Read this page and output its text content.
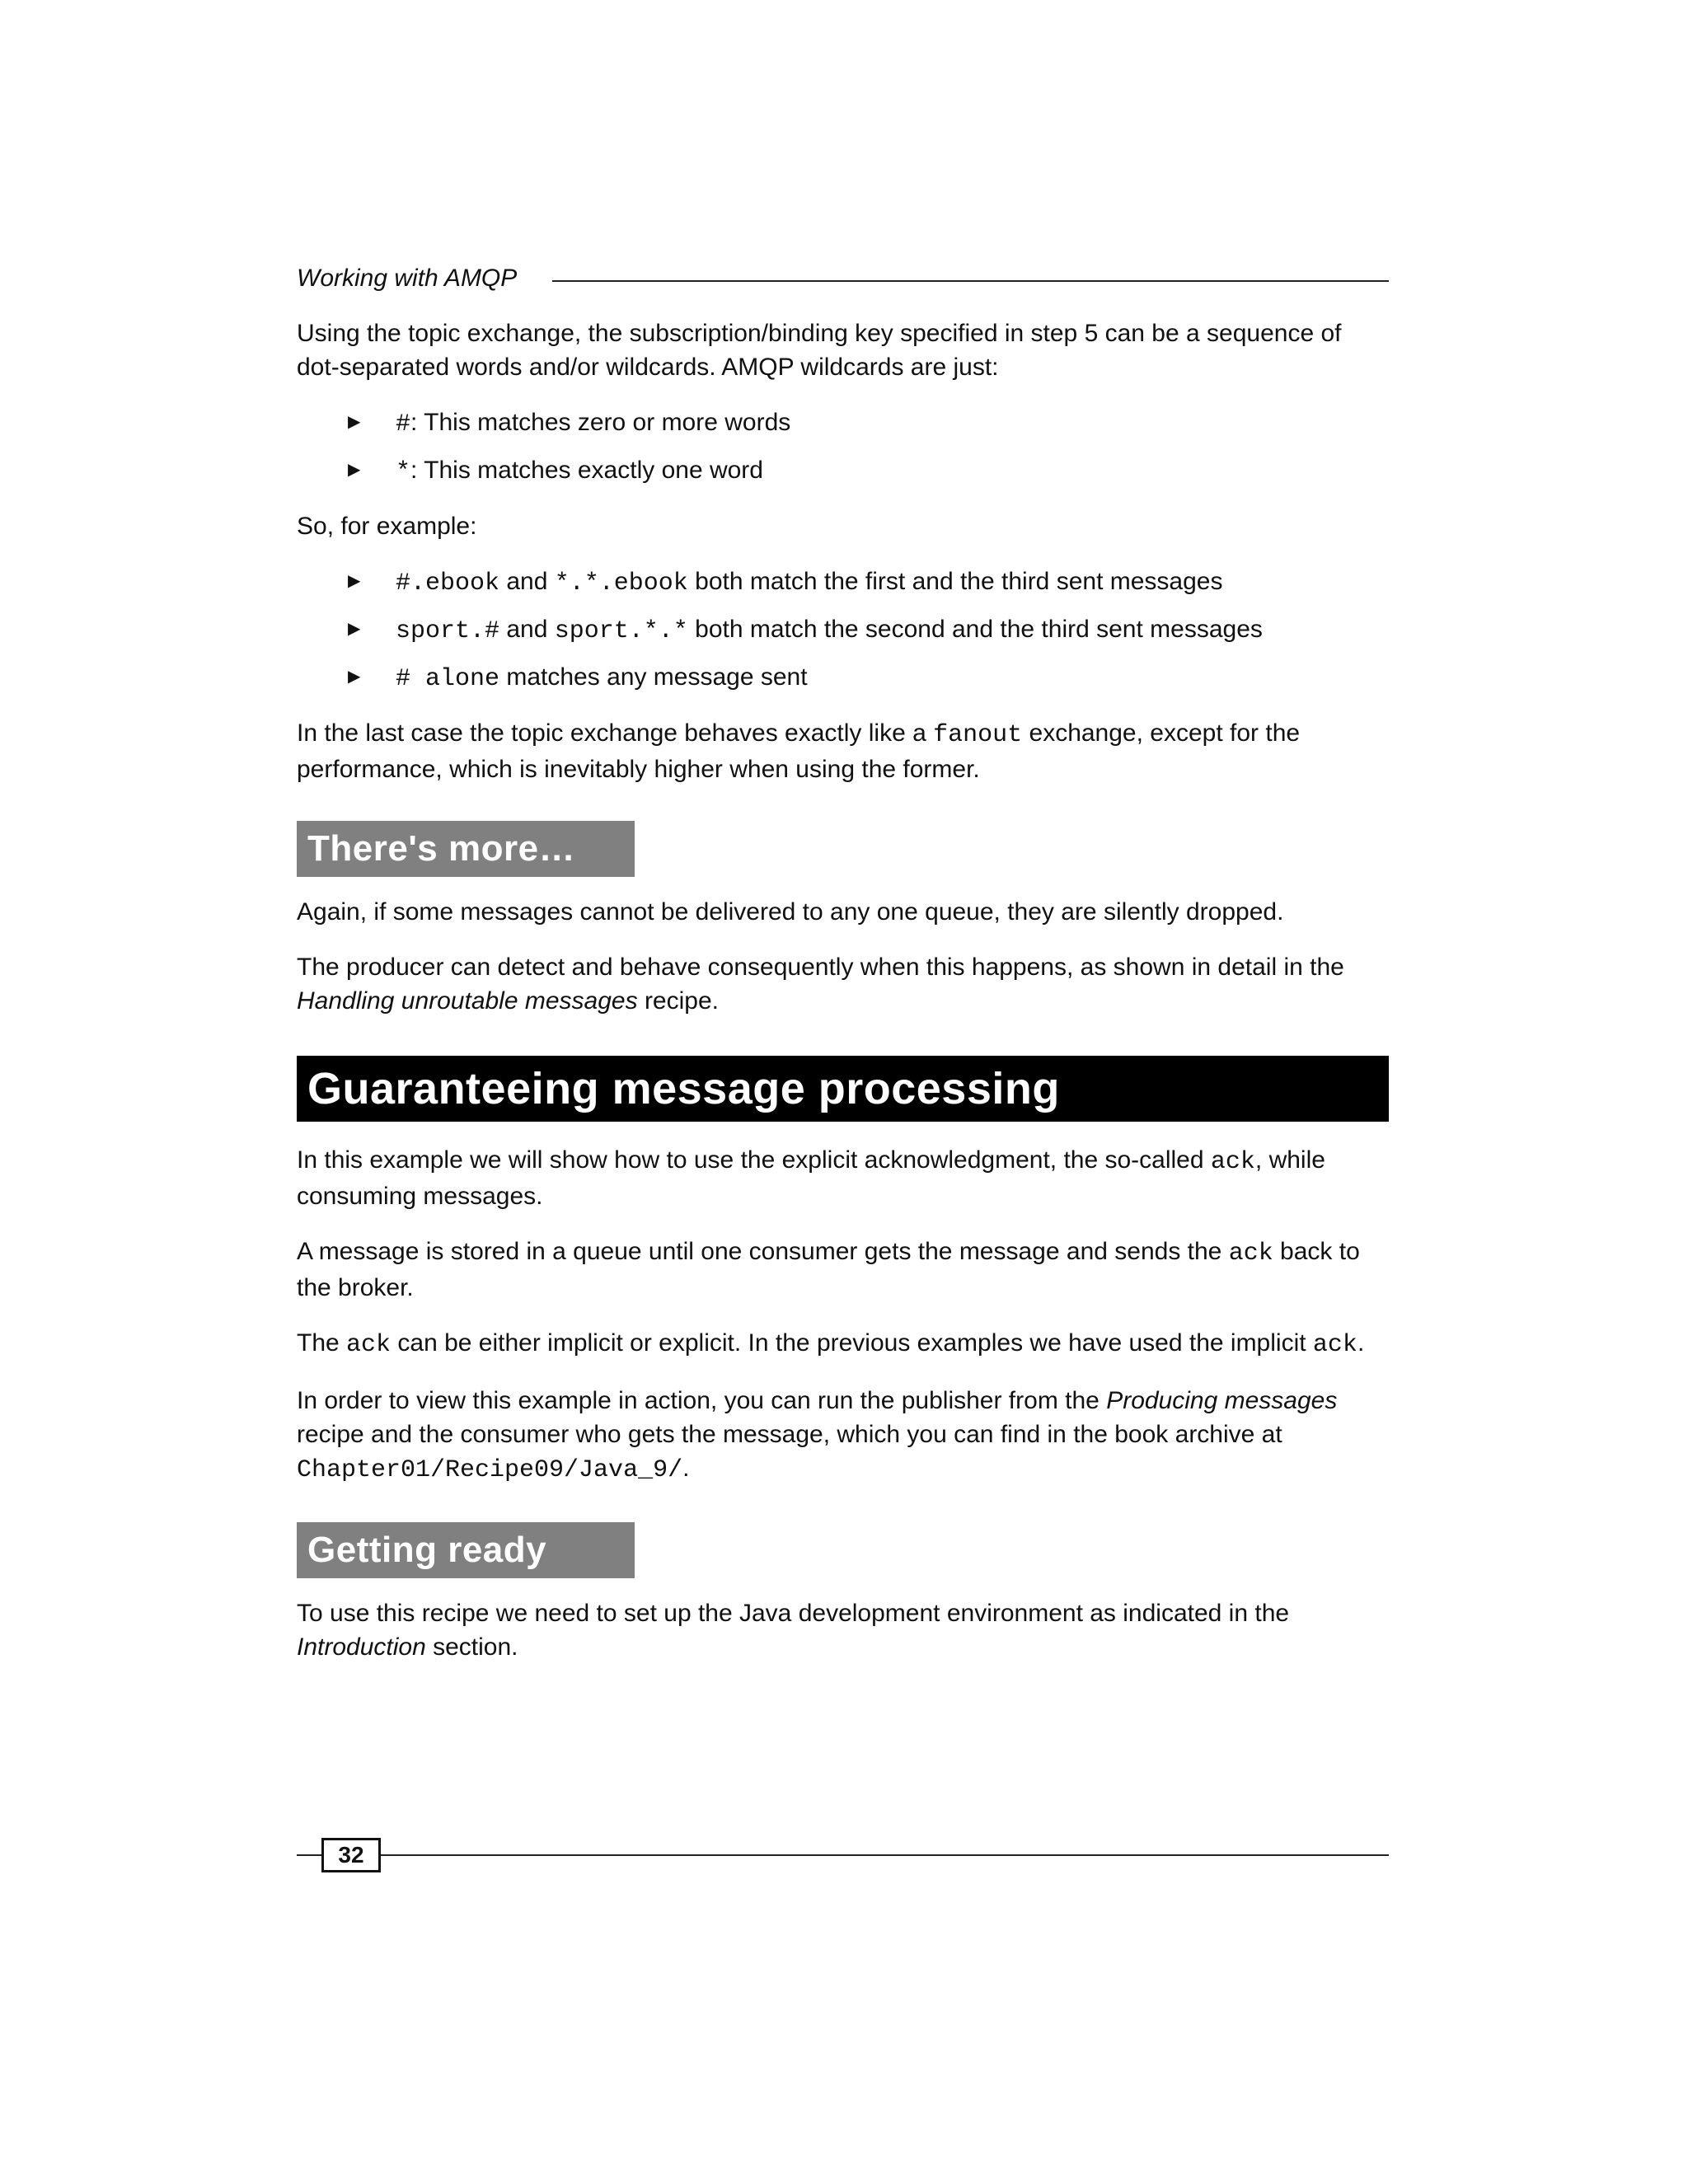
Working with AMQP

Using the topic exchange, the subscription/binding key specified in step 5 can be a sequence of dot-separated words and/or wildcards. AMQP wildcards are just:

▶ #: This matches zero or more words
▶ *: This matches exactly one word

So, for example:

▶ #.ebook and *.*.ebook both match the first and the third sent messages
▶ sport.# and sport.*.* both match the second and the third sent messages
▶ # alone matches any message sent

In the last case the topic exchange behaves exactly like a fanout exchange, except for the performance, which is inevitably higher when using the former.

There's more…

Again, if some messages cannot be delivered to any one queue, they are silently dropped.

The producer can detect and behave consequently when this happens, as shown in detail in the Handling unroutable messages recipe.

Guaranteeing message processing

In this example we will show how to use the explicit acknowledgment, the so-called ack, while consuming messages.

A message is stored in a queue until one consumer gets the message and sends the ack back to the broker.

The ack can be either implicit or explicit. In the previous examples we have used the implicit ack.

In order to view this example in action, you can run the publisher from the Producing messages recipe and the consumer who gets the message, which you can find in the book archive at Chapter01/Recipe09/Java_9/.

Getting ready

To use this recipe we need to set up the Java development environment as indicated in the Introduction section.

32
